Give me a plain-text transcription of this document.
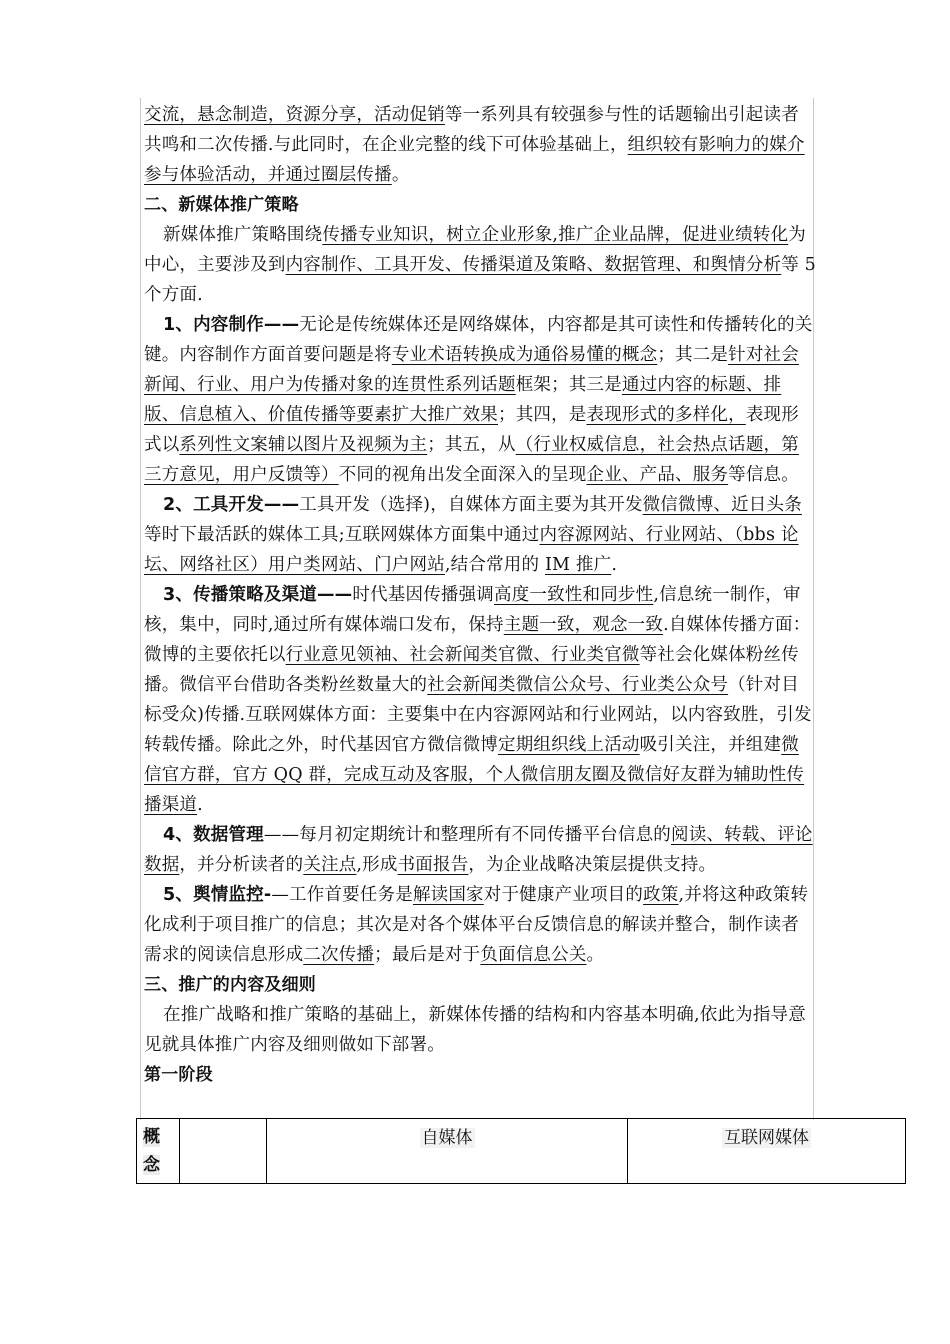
交流，悬念制造，资源分享，活动促销等一系列具有较强参与性的话题输出引起读者共鸣和二次传播.与此同时，在企业完整的线下可体验基础上，组织较有影响力的媒介参与体验活动，并通过圈层传播。

二、新媒体推广策略

新媒体推广策略围绕传播专业知识，树立企业形象,推广企业品牌，促进业绩转化为中心，主要涉及到内容制作、工具开发、传播渠道及策略、数据管理、和舆情分析等 5 个方面.

1、内容制作——无论是传统媒体还是网络媒体，内容都是其可读性和传播转化的关键。内容制作方面首要问题是将专业术语转换成为通俗易懂的概念；其二是针对社会新闻、行业、用户为传播对象的连贯性系列话题框架；其三是通过内容的标题、排版、信息植入、价值传播等要素扩大推广效果；其四，是表现形式的多样化，表现形式以系列性文案辅以图片及视频为主；其五，从（行业权威信息，社会热点话题，第三方意见，用户反馈等）不同的视角出发全面深入的呈现企业、产品、服务等信息。

2、工具开发——工具开发（选择)，自媒体方面主要为其开发微信微博、近日头条等时下最活跃的媒体工具;互联网媒体方面集中通过内容源网站、行业网站、（bbs 论坛、网络社区）用户类网站、门户网站,结合常用的 IM 推广.

3、传播策略及渠道——时代基因传播强调高度一致性和同步性,信息统一制作，审核，集中，同时,通过所有媒体端口发布，保持主题一致，观念一致.自媒体传播方面：微博的主要依托以行业意见领袖、社会新闻类官微、行业类官微等社会化媒体粉丝传播。微信平台借助各类粉丝数量大的社会新闻类微信公众号、行业类公众号（针对目标受众)传播.互联网媒体方面：主要集中在内容源网站和行业网站，以内容致胜，引发转载传播。除此之外，时代基因官方微信微博定期组织线上活动吸引关注，并组建微信官方群，官方 QQ 群，完成互动及客服，个人微信朋友圈及微信好友群为辅助性传播渠道.

4、数据管理——每月初定期统计和整理所有不同传播平台信息的阅读、转载、评论数据，并分析读者的关注点,形成书面报告，为企业战略决策层提供支持。

5、舆情监控-—工作首要任务是解读国家对于健康产业项目的政策,并将这种政策转化成利于项目推广的信息；其次是对各个媒体平台反馈信息的解读并整合，制作读者需求的阅读信息形成二次传播；最后是对于负面信息公关。

三、推广的内容及细则

在推广战略和推广策略的基础上，新媒体传播的结构和内容基本明确,依此为指导意见就具体推广内容及细则做如下部署。

第一阶段

概念		自媒体	互联网媒体
